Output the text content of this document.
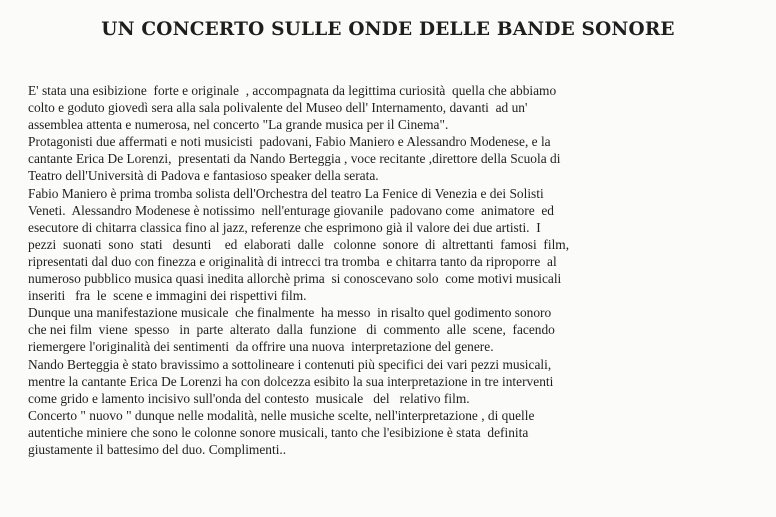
UN CONCERTO SULLE ONDE DELLE BANDE SONORE
E' stata una esibizione  forte e originale  , accompagnata da legittima curiosità  quella che abbiamo
colto e goduto giovedì sera alla sala polivalente del Museo dell' Internamento, davanti  ad un'
assemblea attenta e numerosa, nel concerto "La grande musica per il Cinema".
Protagonisti due affermati e noti musicisti  padovani, Fabio Maniero e Alessandro Modenese, e la
cantante Erica De Lorenzi,  presentati da Nando Berteggia , voce recitante ,direttore della Scuola di
Teatro dell'Università di Padova e fantasioso speaker della serata.
Fabio Maniero è prima tromba solista dell'Orchestra del teatro La Fenice di Venezia e dei Solisti
Veneti.  Alessandro Modenese è notissimo  nell'enturage giovanile  padovano come  animatore  ed
esecutore di chitarra classica fino al jazz, referenze che esprimono già il valore dei due artisti.  I
pezzi  suonati  sono  stati   desunti    ed  elaborati  dalle   colonne  sonore  di  altrettanti  famosi  film,
ripresentati dal duo con finezza e originalità di intrecci tra tromba  e chitarra tanto da riproporre  al
numeroso pubblico musica quasi inedita allorchè prima  si conoscevano solo  come motivi musicali
inseriti   fra  le  scene e immagini dei rispettivi film.
Dunque una manifestazione musicale  che finalmente  ha messo  in risalto quel godimento sonoro
che nei film  viene  spesso   in  parte  alterato  dalla  funzione   di  commento  alle  scene,  facendo
riemergere l'originalità dei sentimenti  da offrire una nuova  interpretazione del genere.
Nando Berteggia è stato bravissimo a sottolineare i contenuti più specifici dei vari pezzi musicali,
mentre la cantante Erica De Lorenzi ha con dolcezza esibito la sua interpretazione in tre interventi
come grido e lamento incisivo sull'onda del contesto  musicale   del   relativo film.
Concerto " nuovo " dunque nelle modalità, nelle musiche scelte, nell'interpretazione , di quelle
autentiche miniere che sono le colonne sonore musicali, tanto che l'esibizione è stata  definita
giustamente il battesimo del duo. Complimenti..
